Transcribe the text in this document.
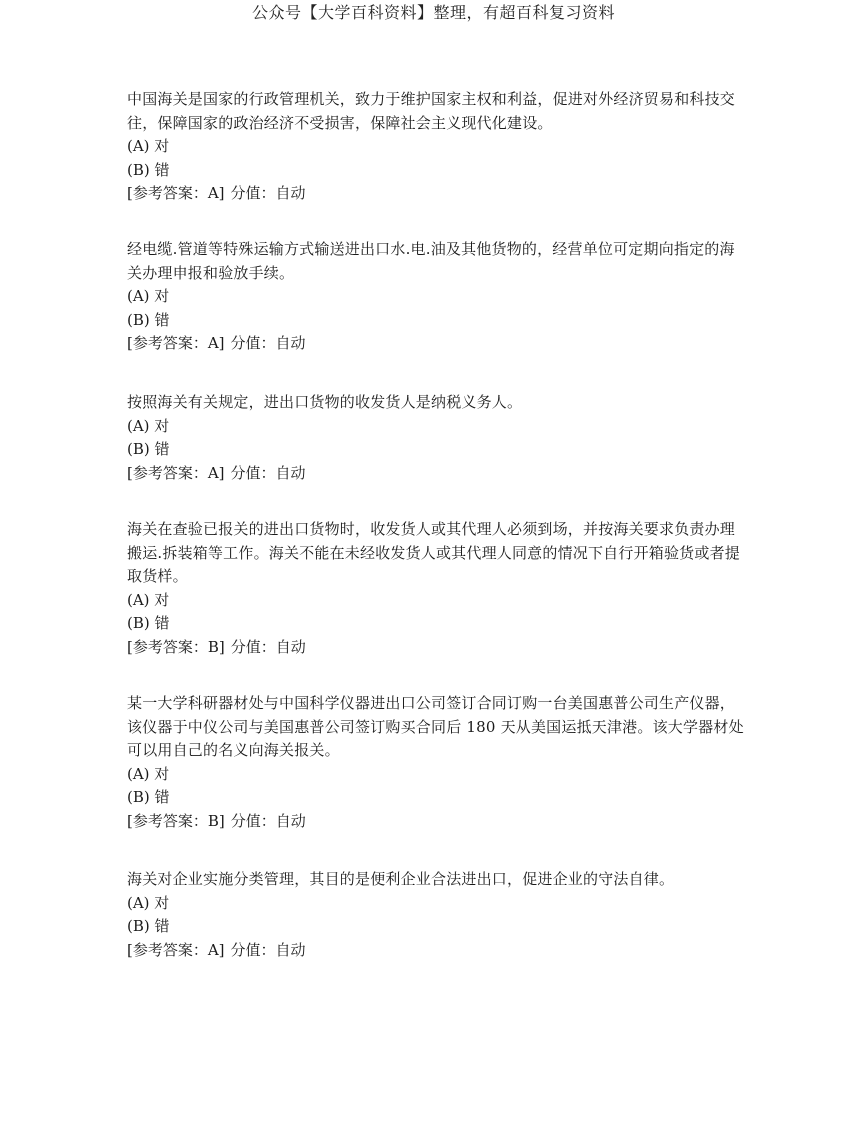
公众号【大学百科资料】整理，有超百科复习资料

中国海关是国家的行政管理机关，致力于维护国家主权和利益，促进对外经济贸易和科技交往，保障国家的政治经济不受损害，保障社会主义现代化建设。

(A) 对

(B) 错

[参考答案：A] 分值：自动

经电缆.管道等特殊运输方式输送进出口水.电.油及其他货物的，经营单位可定期向指定的海关办理申报和验放手续。

(A) 对

(B) 错

[参考答案：A] 分值：自动

按照海关有关规定，进出口货物的收发货人是纳税义务人。

(A) 对

(B) 错

[参考答案：A] 分值：自动

海关在查验已报关的进出口货物时，收发货人或其代理人必须到场，并按海关要求负责办理搬运.拆装箱等工作。海关不能在未经收发货人或其代理人同意的情况下自行开箱验货或者提取货样。

(A) 对

(B) 错

[参考答案：B] 分值：自动

某一大学科研器材处与中国科学仪器进出口公司签订合同订购一台美国惠普公司生产仪器，该仪器于中仪公司与美国惠普公司签订购买合同后 180 天从美国运抵天津港。该大学器材处可以用自己的名义向海关报关。

(A) 对

(B) 错

[参考答案：B] 分值：自动

海关对企业实施分类管理，其目的是便利企业合法进出口，促进企业的守法自律。

(A) 对

(B) 错

[参考答案：A] 分值：自动
